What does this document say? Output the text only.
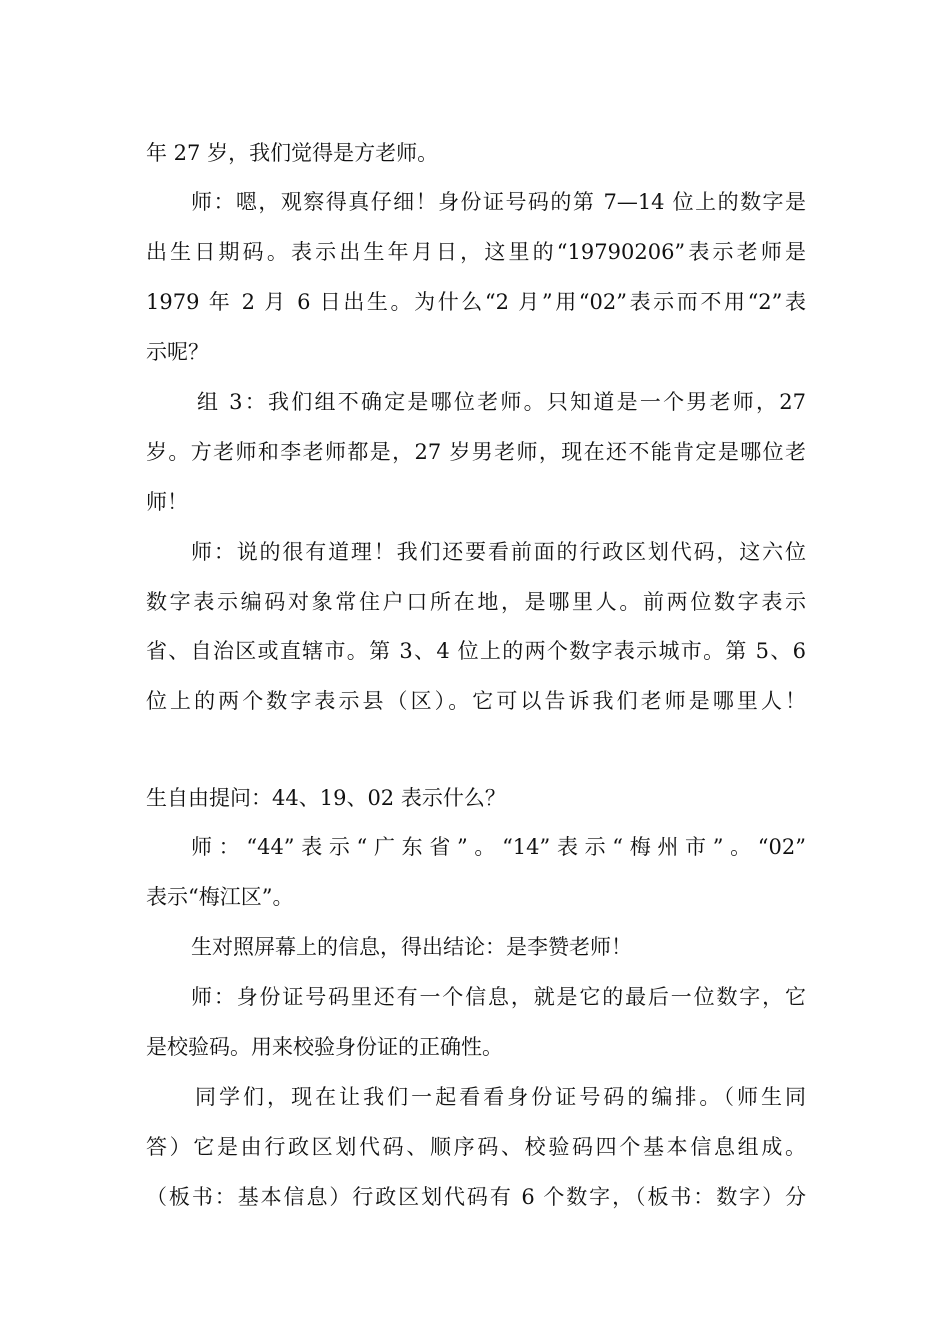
年 27 岁，我们觉得是方老师。
师：嗯，观察得真仔细！身份证号码的第 7—14 位上的数字是
出生日期码。表示出生年月日，这里的“19790206”表示老师是
1979 年 2 月 6 日出生。为什么“2 月”用“02”表示而不用“2”表
示呢？
组 3：我们组不确定是哪位老师。只知道是一个男老师，27
岁。方老师和李老师都是，27 岁男老师，现在还不能肯定是哪位老
师！
师：说的很有道理！我们还要看前面的行政区划代码，这六位
数字表示编码对象常住户口所在地，是哪里人。前两位数字表示
省、自治区或直辖市。第 3、4 位上的两个数字表示城市。第 5、6
位上的两个数字表示县（区）。它可以告诉我们老师是哪里人！
生自由提问：44、19、02 表示什么？
师：“44”表示“广东省”。“14”表示“梅州市”。“02”
表示“梅江区”。
生对照屏幕上的信息，得出结论：是李赞老师！
师：身份证号码里还有一个信息，就是它的最后一位数字，它
是校验码。用来校验身份证的正确性。
同学们，现在让我们一起看看身份证号码的编排。（师生同
答）它是由行政区划代码、顺序码、校验码四个基本信息组成。
（板书：基本信息）行政区划代码有 6 个数字，（板书：数字）分
